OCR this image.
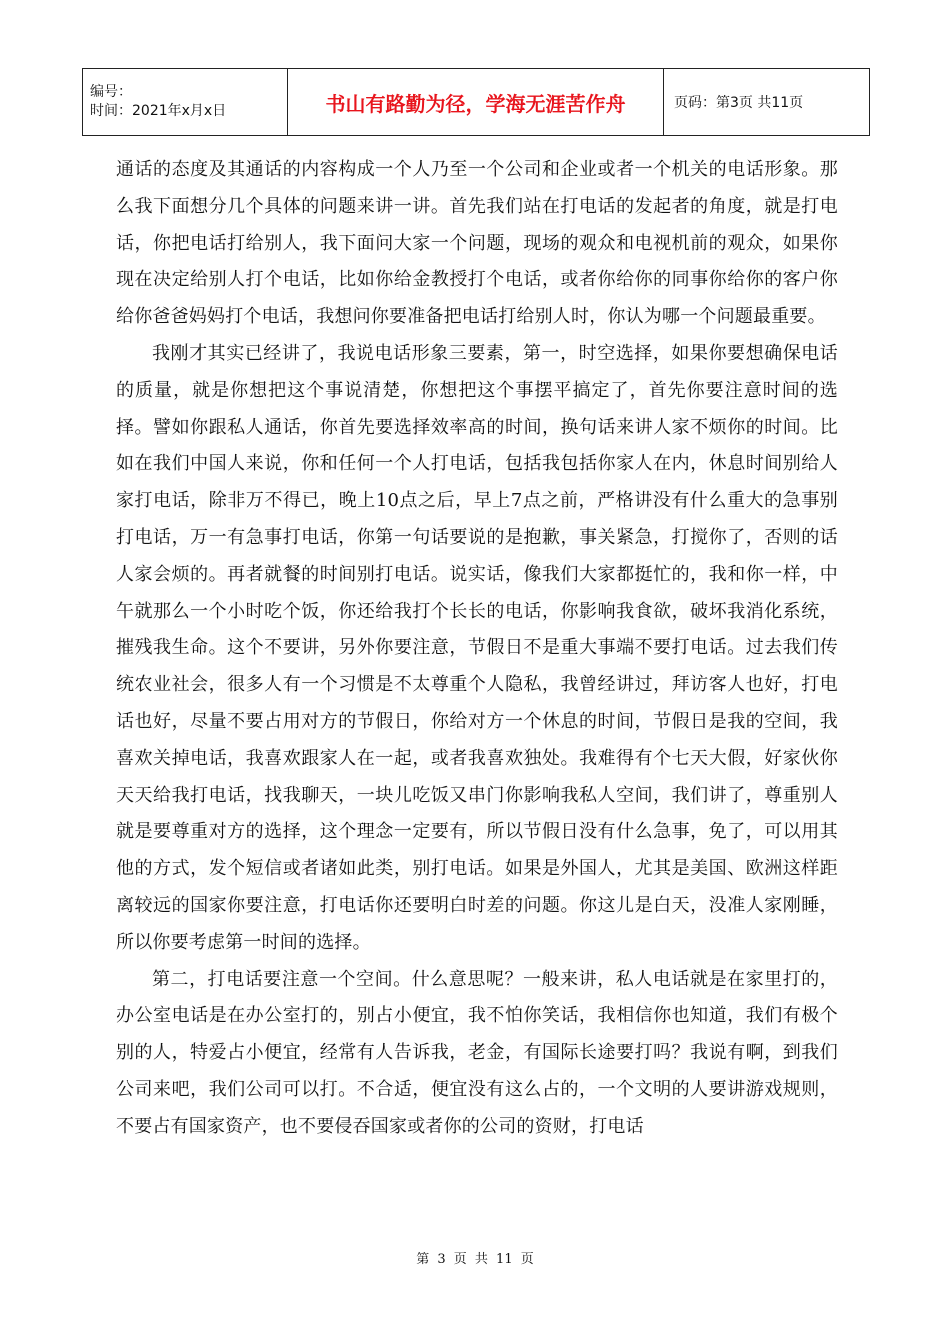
编号：
时间：2021年x月x日	书山有路勤为径，学海无涯苦作舟	页码：第3页 共11页

通话的态度及其通话的内容构成一个人乃至一个公司和企业或者一个机关的电话形象。那么我下面想分几个具体的问题来讲一讲。首先我们站在打电话的发起者的角度，就是打电话，你把电话打给别人，我下面问大家一个问题，现场的观众和电视机前的观众，如果你现在决定给别人打个电话，比如你给金教授打个电话，或者你给你的同事你给你的客户你给你爸爸妈妈打个电话，我想问你要准备把电话打给别人时，你认为哪一个问题最重要。

我刚才其实已经讲了，我说电话形象三要素，第一，时空选择，如果你要想确保电话的质量，就是你想把这个事说清楚，你想把这个事摆平搞定了，首先你要注意时间的选择。譬如你跟私人通话，你首先要选择效率高的时间，换句话来讲人家不烦你的时间。比如在我们中国人来说，你和任何一个人打电话，包括我包括你家人在内，休息时间别给人家打电话，除非万不得已，晚上10点之后，早上7点之前，严格讲没有什么重大的急事别打电话，万一有急事打电话，你第一句话要说的是抱歉，事关紧急，打搅你了，否则的话人家会烦的。再者就餐的时间别打电话。说实话，像我们大家都挺忙的，我和你一样，中午就那么一个小时吃个饭，你还给我打个长长的电话，你影响我食欲，破坏我消化系统，摧残我生命。这个不要讲，另外你要注意，节假日不是重大事端不要打电话。过去我们传统农业社会，很多人有一个习惯是不太尊重个人隐私，我曾经讲过，拜访客人也好，打电话也好，尽量不要占用对方的节假日，你给对方一个休息的时间，节假日是我的空间，我喜欢关掉电话，我喜欢跟家人在一起，或者我喜欢独处。我难得有个七天大假，好家伙你天天给我打电话，找我聊天，一块儿吃饭又串门你影响我私人空间，我们讲了，尊重别人就是要尊重对方的选择，这个理念一定要有，所以节假日没有什么急事，免了，可以用其他的方式，发个短信或者诸如此类，别打电话。如果是外国人，尤其是美国、欧洲这样距离较远的国家你要注意，打电话你还要明白时差的问题。你这儿是白天，没准人家刚睡，所以你要考虑第一时间的选择。

第二，打电话要注意一个空间。什么意思呢？一般来讲，私人电话就是在家里打的，办公室电话是在办公室打的，别占小便宜，我不怕你笑话，我相信你也知道，我们有极个别的人，特爱占小便宜，经常有人告诉我，老金，有国际长途要打吗？我说有啊，到我们公司来吧，我们公司可以打。不合适，便宜没有这么占的，一个文明的人要讲游戏规则，不要占有国家资产，也不要侵吞国家或者你的公司的资财，打电话

第 3 页 共 11 页
